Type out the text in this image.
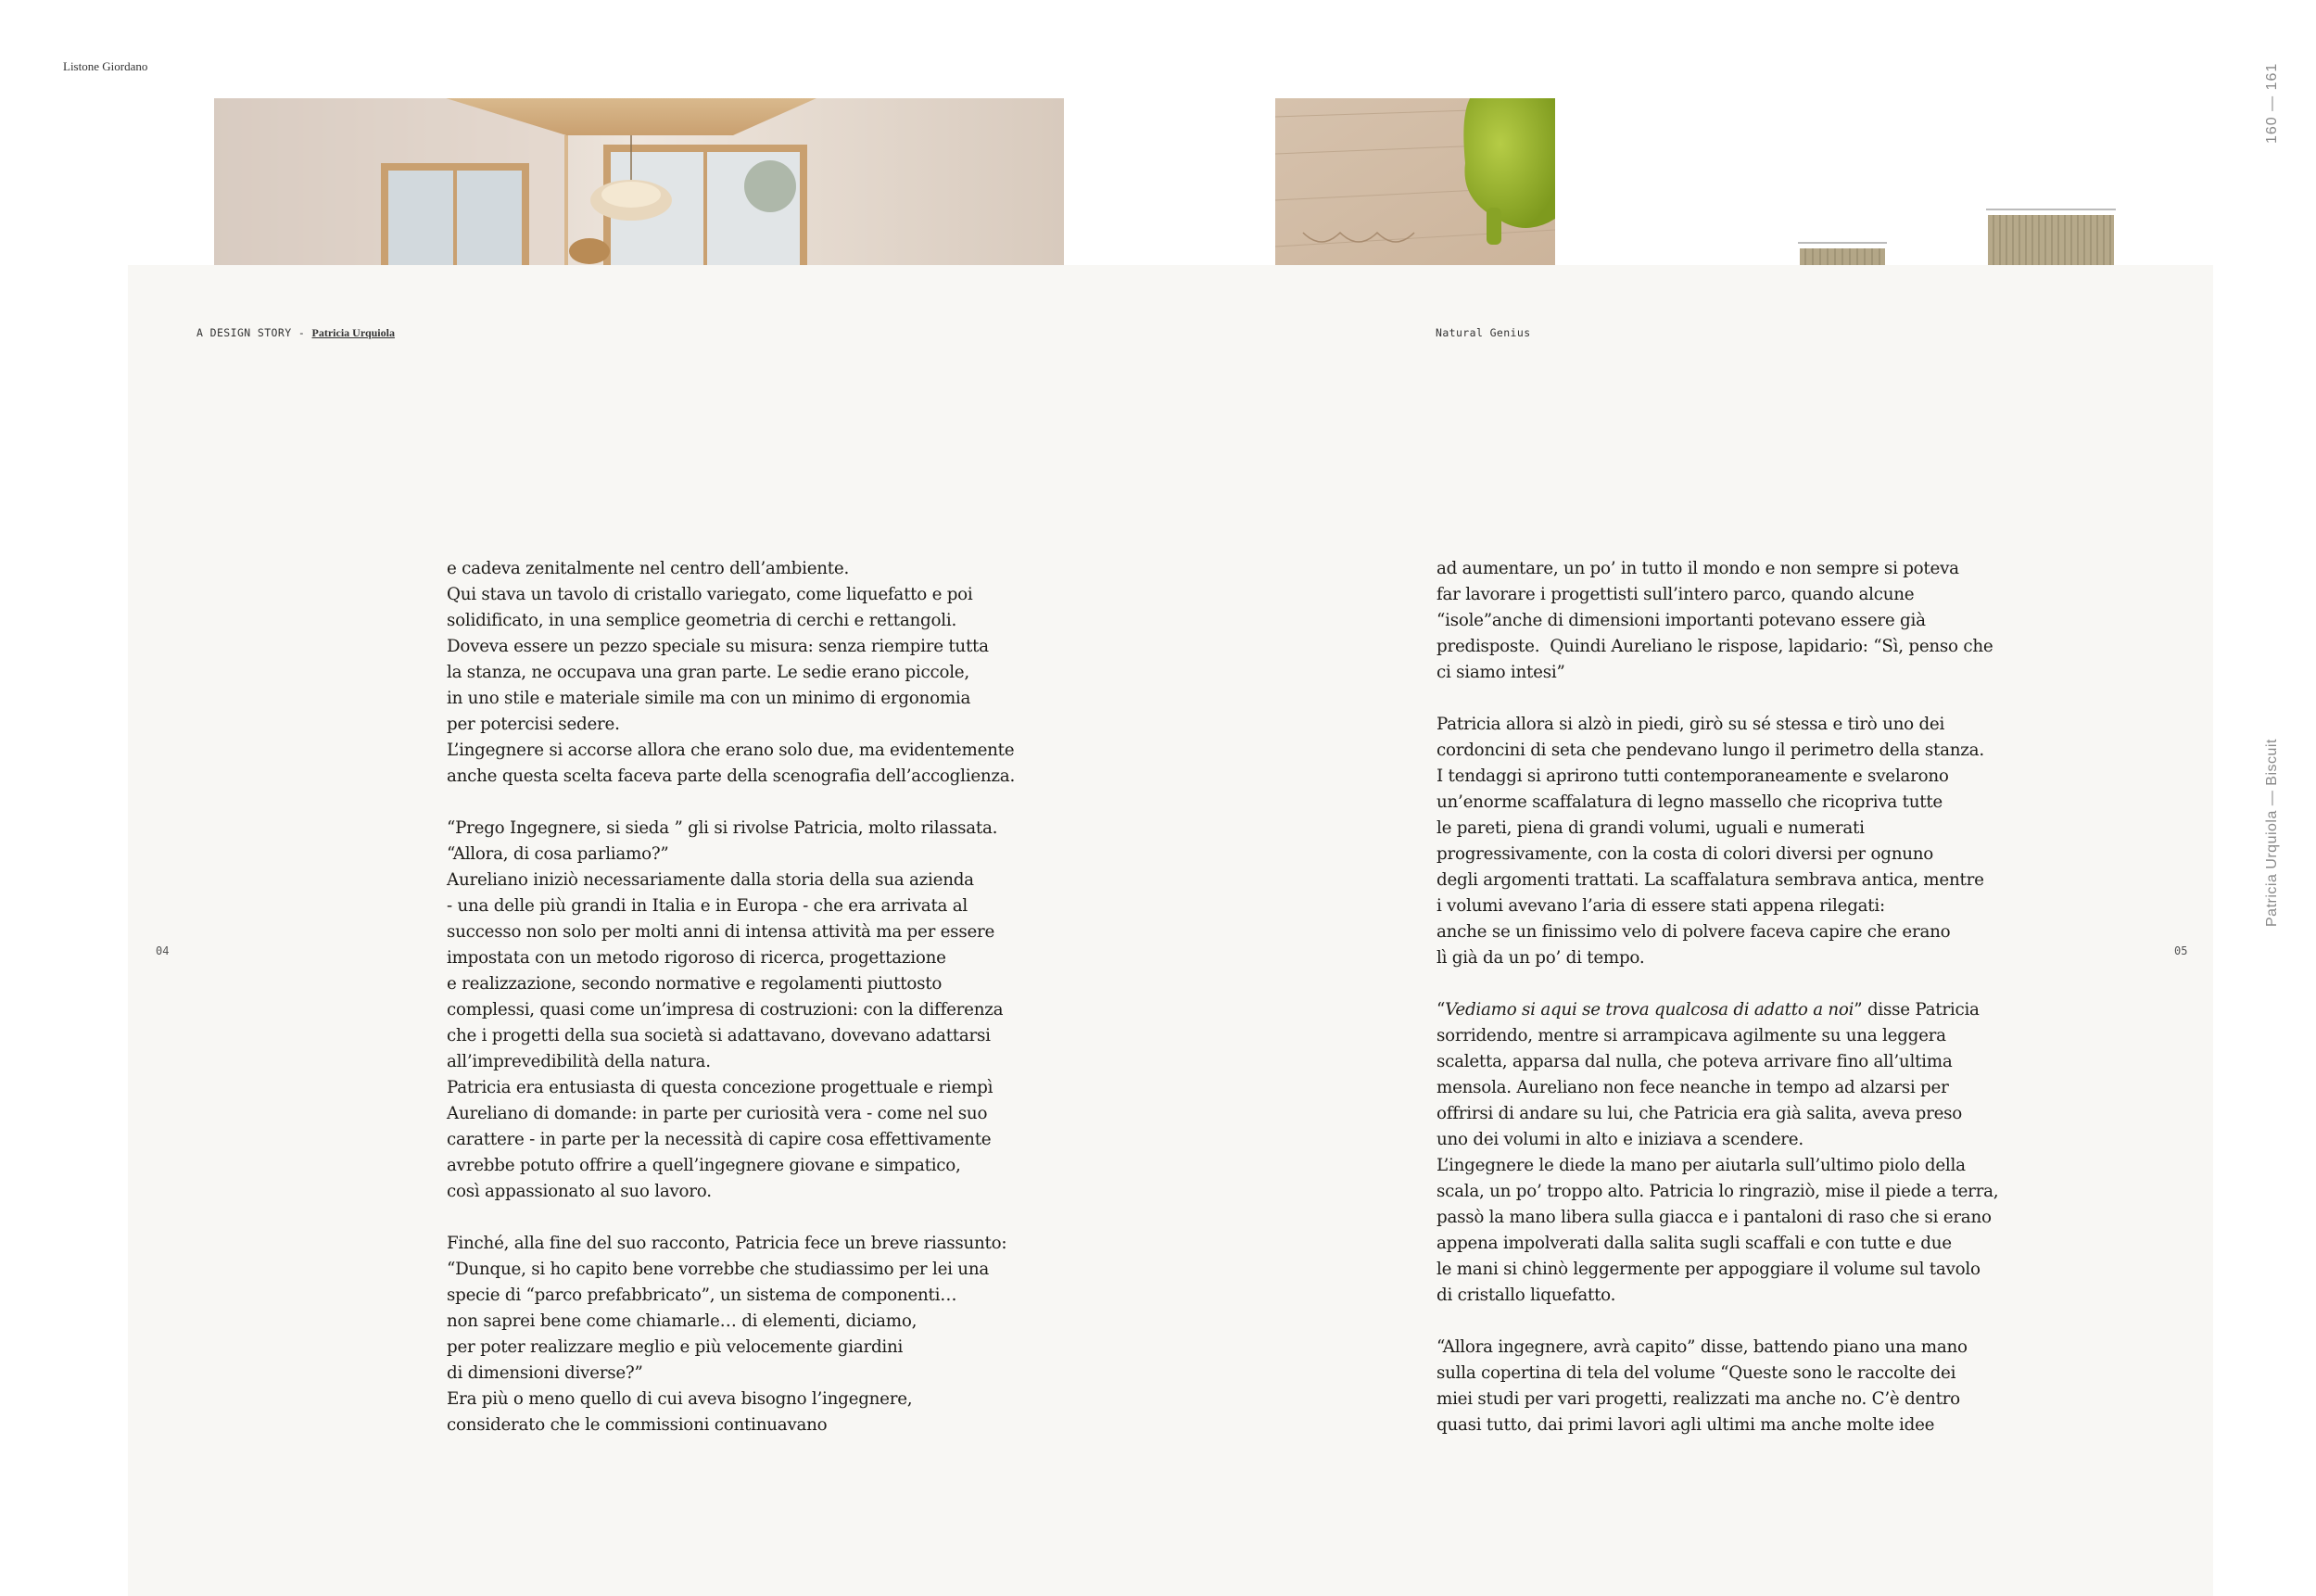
Listone Giordano	160 — 161
Patricia Urquiola — Biscuit
A DESIGN STORY - Patricia Urquiola	Natural Genius
04	05
e cadeva zenitalmente nel centro dell’ambiente.
Qui stava un tavolo di cristallo variegato, come liquefatto e poi
solidificato, in una semplice geometria di cerchi e rettangoli.
Doveva essere un pezzo speciale su misura: senza riempire tutta
la stanza, ne occupava una gran parte. Le sedie erano piccole,
in uno stile e materiale simile ma con un minimo di ergonomia
per potercisi sedere.
L’ingegnere si accorse allora che erano solo due, ma evidentemente
anche questa scelta faceva parte della scenografia dell’accoglienza.
“Prego Ingegnere, si sieda ” gli si rivolse Patricia, molto rilassata.
“Allora, di cosa parliamo?”
Aureliano iniziò necessariamente dalla storia della sua azienda
- una delle più grandi in Italia e in Europa - che era arrivata al
successo non solo per molti anni di intensa attività ma per essere
impostata con un metodo rigoroso di ricerca, progettazione
e realizzazione, secondo normative e regolamenti piuttosto
complessi, quasi come un’impresa di costruzioni: con la differenza
che i progetti della sua società si adattavano, dovevano adattarsi
all’imprevedibilità della natura.
Patricia era entusiasta di questa concezione progettuale e riempì
Aureliano di domande: in parte per curiosità vera - come nel suo
carattere - in parte per la necessità di capire cosa effettivamente
avrebbe potuto offrire a quell’ingegnere giovane e simpatico,
così appassionato al suo lavoro.
Finché, alla fine del suo racconto, Patricia fece un breve riassunto:
“Dunque, si ho capito bene vorrebbe che studiassimo per lei una
specie di “parco prefabbricato”, un sistema de componenti…
non saprei bene come chiamarle… di elementi, diciamo,
per poter realizzare meglio e più velocemente giardini
di dimensioni diverse?”
Era più o meno quello di cui aveva bisogno l’ingegnere,
considerato che le commissioni continuavano
ad aumentare, un po’ in tutto il mondo e non sempre si poteva
far lavorare i progettisti sull’intero parco, quando alcune
“isole”anche di dimensioni importanti potevano essere già
predisposte.  Quindi Aureliano le rispose, lapidario: “Sì, penso che
ci siamo intesi”
Patricia allora si alzò in piedi, girò su sé stessa e tirò uno dei
cordoncini di seta che pendevano lungo il perimetro della stanza.
I tendaggi si aprirono tutti contemporaneamente e svelarono
un’enorme scaffalatura di legno massello che ricopriva tutte
le pareti, piena di grandi volumi, uguali e numerati
progressivamente, con la costa di colori diversi per ognuno
degli argomenti trattati. La scaffalatura sembrava antica, mentre
i volumi avevano l’aria di essere stati appena rilegati:
anche se un finissimo velo di polvere faceva capire che erano
lì già da un po’ di tempo.
“Vediamo si aqui se trova qualcosa di adatto a noi” disse Patricia
sorridendo, mentre si arrampicava agilmente su una leggera
scaletta, apparsa dal nulla, che poteva arrivare fino all’ultima
mensola. Aureliano non fece neanche in tempo ad alzarsi per
offrirsi di andare su lui, che Patricia era già salita, aveva preso
uno dei volumi in alto e iniziava a scendere.
L’ingegnere le diede la mano per aiutarla sull’ultimo piolo della
scala, un po’ troppo alto. Patricia lo ringraziò, mise il piede a terra,
passò la mano libera sulla giacca e i pantaloni di raso che si erano
appena impolverati dalla salita sugli scaffali e con tutte e due
le mani si chinò leggermente per appoggiare il volume sul tavolo
di cristallo liquefatto.
“Allora ingegnere, avrà capito” disse, battendo piano una mano
sulla copertina di tela del volume “Queste sono le raccolte dei
miei studi per vari progetti, realizzati ma anche no. C’è dentro
quasi tutto, dai primi lavori agli ultimi ma anche molte idee
